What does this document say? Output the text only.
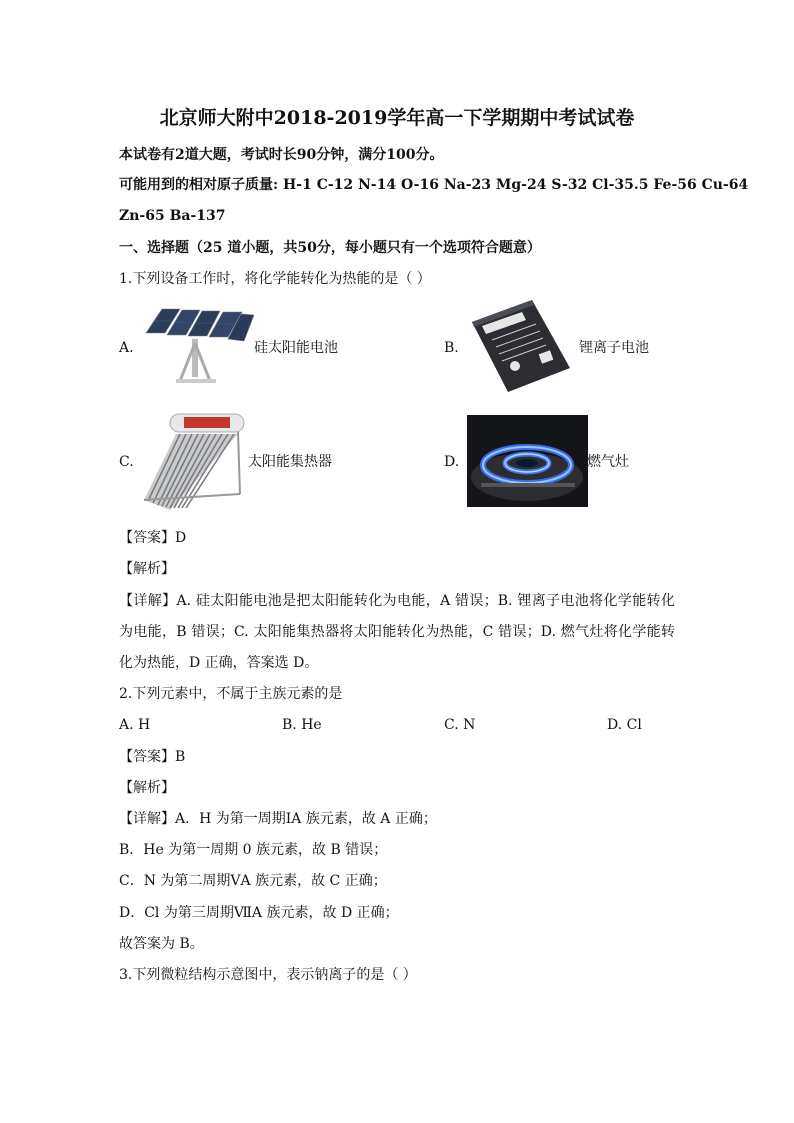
北京师大附中2018-2019学年高一下学期期中考试试卷
本试卷有2道大题，考试时长90分钟，满分100分。
可能用到的相对原子质量: H-1 C-12 N-14 O-16 Na-23 Mg-24 S-32 Cl-35.5 Fe-56 Cu-64
Zn-65 Ba-137
一、选择题（25 道小题，共50分，每小题只有一个选项符合题意）
1.下列设备工作时，将化学能转化为热能的是（ ）
A.	硅太阳能电池	B.	锂离子电池
C.	太阳能集热器	D.	燃气灶
【答案】D
【解析】
【详解】A. 硅太阳能电池是把太阳能转化为电能，A 错误；B. 锂离子电池将化学能转化为电能，B 错误；C. 太阳能集热器将太阳能转化为热能，C 错误；D. 燃气灶将化学能转化为热能，D 正确，答案选 D。
2.下列元素中，不属于主族元素的是
A. H	B. He	C. N	D. Cl
【答案】B
【解析】
【详解】A．H 为第一周期ⅠA 族元素，故 A 正确；
B．He 为第一周期 0 族元素，故 B 错误；
C．N 为第二周期ⅤA 族元素，故 C 正确；
D．Cl 为第三周期ⅦA 族元素，故 D 正确；
故答案为 B。
3.下列微粒结构示意图中，表示钠离子的是（ ）
